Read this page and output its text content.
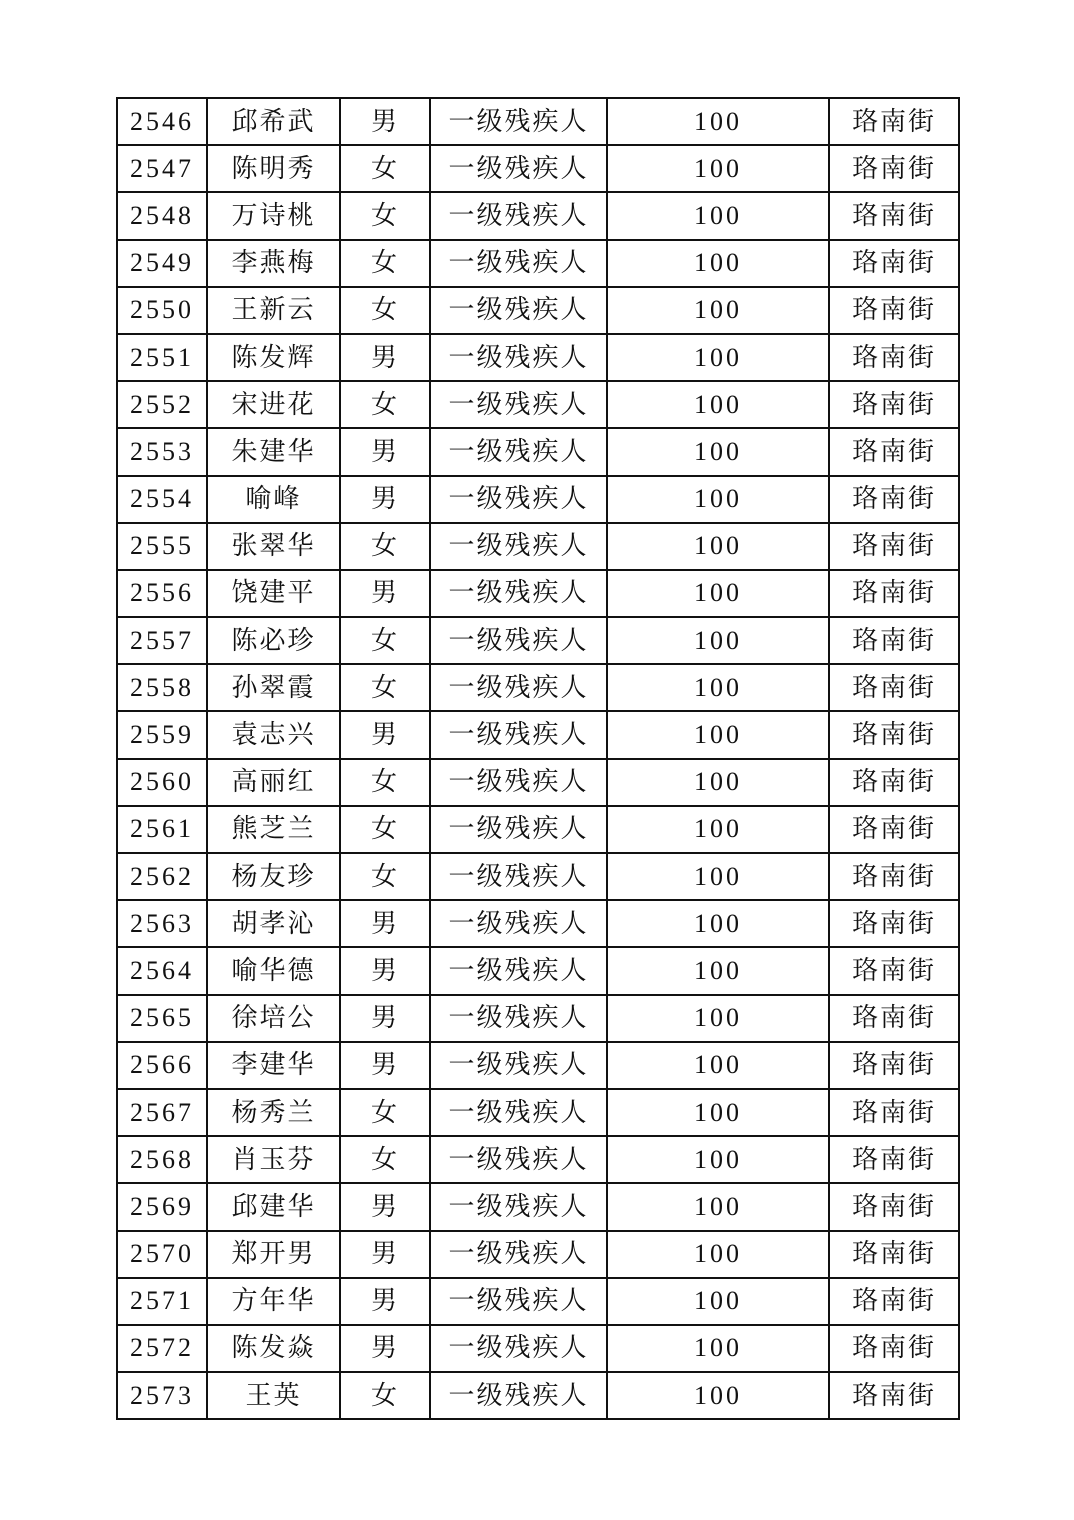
2546	邱希武	男	一级残疾人	100	珞南街
2547	陈明秀	女	一级残疾人	100	珞南街
2548	万诗桃	女	一级残疾人	100	珞南街
2549	李燕梅	女	一级残疾人	100	珞南街
2550	王新云	女	一级残疾人	100	珞南街
2551	陈发辉	男	一级残疾人	100	珞南街
2552	宋进花	女	一级残疾人	100	珞南街
2553	朱建华	男	一级残疾人	100	珞南街
2554	喻峰	男	一级残疾人	100	珞南街
2555	张翠华	女	一级残疾人	100	珞南街
2556	饶建平	男	一级残疾人	100	珞南街
2557	陈必珍	女	一级残疾人	100	珞南街
2558	孙翠霞	女	一级残疾人	100	珞南街
2559	袁志兴	男	一级残疾人	100	珞南街
2560	高丽红	女	一级残疾人	100	珞南街
2561	熊芝兰	女	一级残疾人	100	珞南街
2562	杨友珍	女	一级残疾人	100	珞南街
2563	胡孝沁	男	一级残疾人	100	珞南街
2564	喻华德	男	一级残疾人	100	珞南街
2565	徐培公	男	一级残疾人	100	珞南街
2566	李建华	男	一级残疾人	100	珞南街
2567	杨秀兰	女	一级残疾人	100	珞南街
2568	肖玉芬	女	一级残疾人	100	珞南街
2569	邱建华	男	一级残疾人	100	珞南街
2570	郑开男	男	一级残疾人	100	珞南街
2571	方年华	男	一级残疾人	100	珞南街
2572	陈发焱	男	一级残疾人	100	珞南街
2573	王英	女	一级残疾人	100	珞南街
